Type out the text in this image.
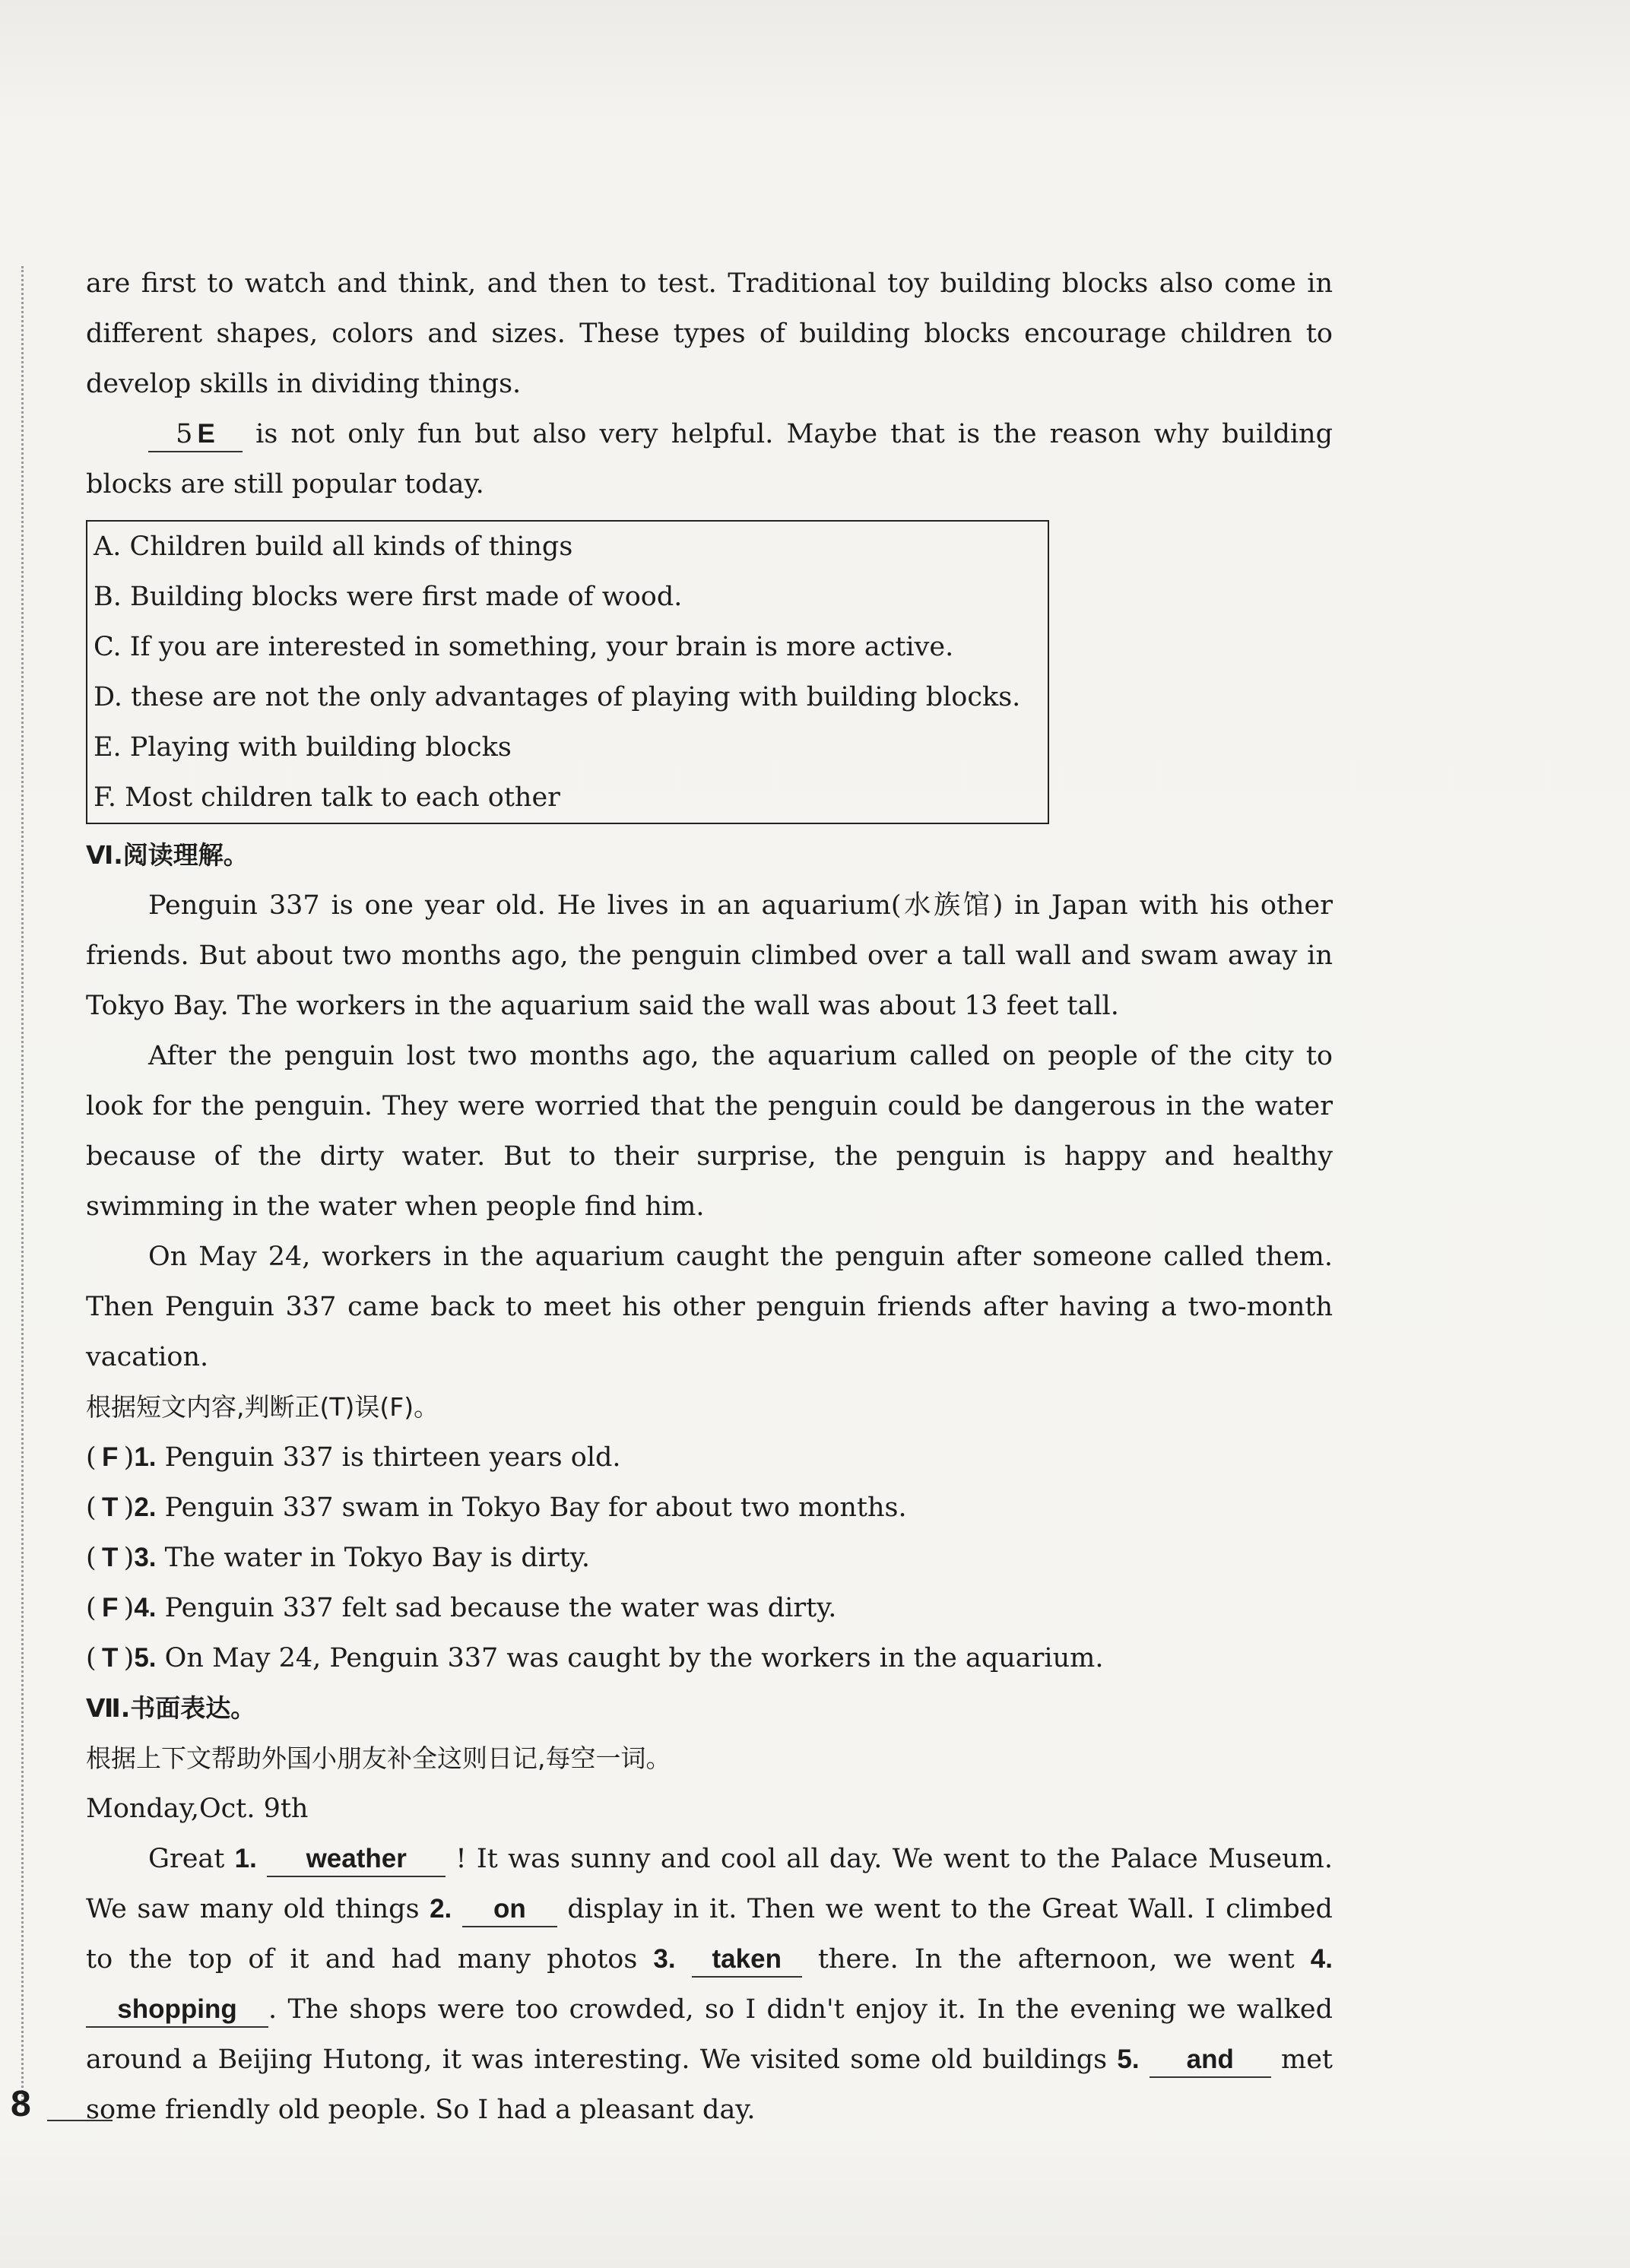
are first to watch and think, and then to test. Traditional toy building blocks also come in different shapes, colors and sizes. These types of building blocks encourage children to develop skills in dividing things.

5 E is not only fun but also very helpful. Maybe that is the reason why building blocks are still popular today.

A. Children build all kinds of things
B. Building blocks were first made of wood.
C. If you are interested in something, your brain is more active.
D. these are not the only advantages of playing with building blocks.
E. Playing with building blocks
F. Most children talk to each other
Ⅵ.阅读理解。

Penguin 337 is one year old. He lives in an aquarium(水族馆) in Japan with his other friends. But about two months ago, the penguin climbed over a tall wall and swam away in Tokyo Bay. The workers in the aquarium said the wall was about 13 feet tall.

After the penguin lost two months ago, the aquarium called on people of the city to look for the penguin. They were worried that the penguin could be dangerous in the water because of the dirty water. But to their surprise, the penguin is happy and healthy swimming in the water when people find him.

On May 24, workers in the aquarium caught the penguin after someone called them. Then Penguin 337 came back to meet his other penguin friends after having a two-month vacation.

根据短文内容,判断正(T)误(F)。
( F )1. Penguin 337 is thirteen years old.
( T )2. Penguin 337 swam in Tokyo Bay for about two months.
( T )3. The water in Tokyo Bay is dirty.
( F )4. Penguin 337 felt sad because the water was dirty.
( T )5. On May 24, Penguin 337 was caught by the workers in the aquarium.
Ⅶ.书面表达。
根据上下文帮助外国小朋友补全这则日记,每空一词。
Monday,Oct. 9th

Great 1. weather ! It was sunny and cool all day. We went to the Palace Museum. We saw many old things 2. on display in it. Then we went to the Great Wall. I climbed to the top of it and had many photos 3. taken there. In the afternoon, we went 4. shopping . The shops were too crowded, so I didn't enjoy it. In the evening we walked around a Beijing Hutong, it was interesting. We visited some old buildings 5. and met some friendly old people. So I had a pleasant day.

8
